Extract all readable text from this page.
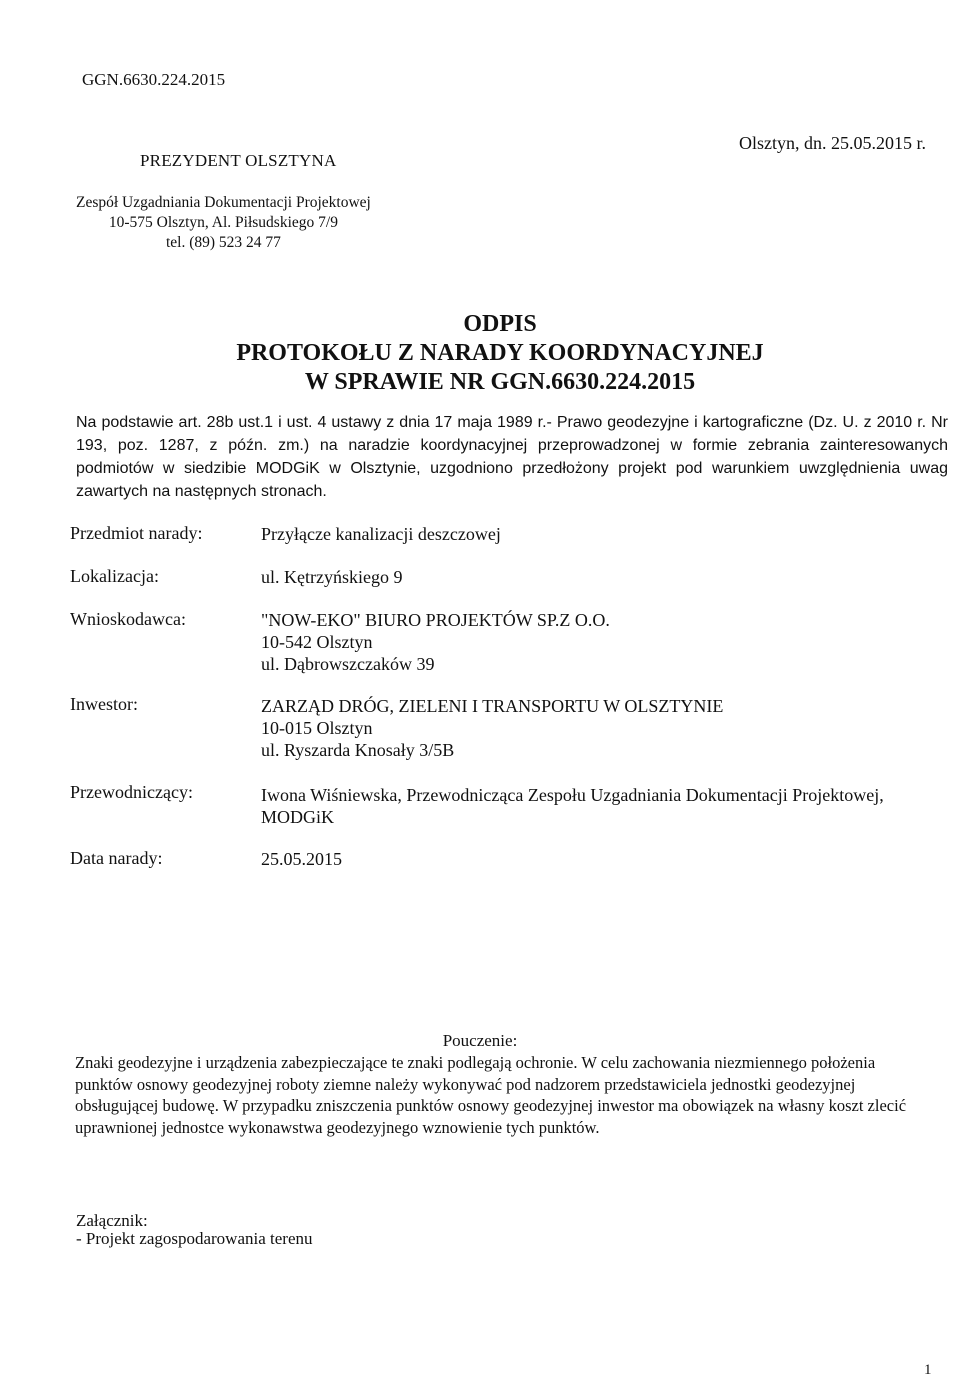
GGN.6630.224.2015
PREZYDENT OLSZTYNA
Olsztyn, dn. 25.05.2015 r.
Zespół Uzgadniania Dokumentacji Projektowej
10-575 Olsztyn, Al. Piłsudskiego 7/9
tel. (89) 523 24 77
ODPIS
PROTOKOŁU Z NARADY KOORDYNACYJNEJ
W SPRAWIE NR GGN.6630.224.2015
Na podstawie art. 28b ust.1 i ust. 4 ustawy z dnia 17 maja 1989 r.- Prawo geodezyjne i kartograficzne (Dz. U. z 2010 r. Nr 193, poz. 1287, z późn. zm.) na naradzie koordynacyjnej przeprowadzonej w formie zebrania zainteresowanych podmiotów w siedzibie MODGiK w Olsztynie, uzgodniono przedłożony projekt pod warunkiem uwzględnienia uwag zawartych na następnych stronach.
Przedmiot narady:	Przyłącze kanalizacji deszczowej
Lokalizacja:	ul. Kętrzyńskiego 9
Wnioskodawca:	"NOW-EKO" BIURO PROJEKTÓW SP.Z O.O.
10-542 Olsztyn
ul. Dąbrowszczaków 39
Inwestor:	ZARZĄD DRÓG, ZIELENI I TRANSPORTU W OLSZTYNIE
10-015 Olsztyn
ul. Ryszarda Knosały 3/5B
Przewodniczący:	Iwona Wiśniewska, Przewodnicząca Zespołu Uzgadniania Dokumentacji Projektowej,
MODGiK
Data narady:	25.05.2015
Pouczenie:
Znaki geodezyjne i urządzenia zabezpieczające te znaki podlegają ochronie. W celu zachowania niezmiennego położenia punktów osnowy geodezyjnej roboty ziemne należy wykonywać pod nadzorem przedstawiciela jednostki geodezyjnej obsługującej budowę. W przypadku zniszczenia punktów osnowy geodezyjnej inwestor ma obowiązek na własny koszt zlecić uprawnionej jednostce wykonawstwa geodezyjnego wznowienie tych punktów.
Załącznik:
- Projekt zagospodarowania terenu
1
